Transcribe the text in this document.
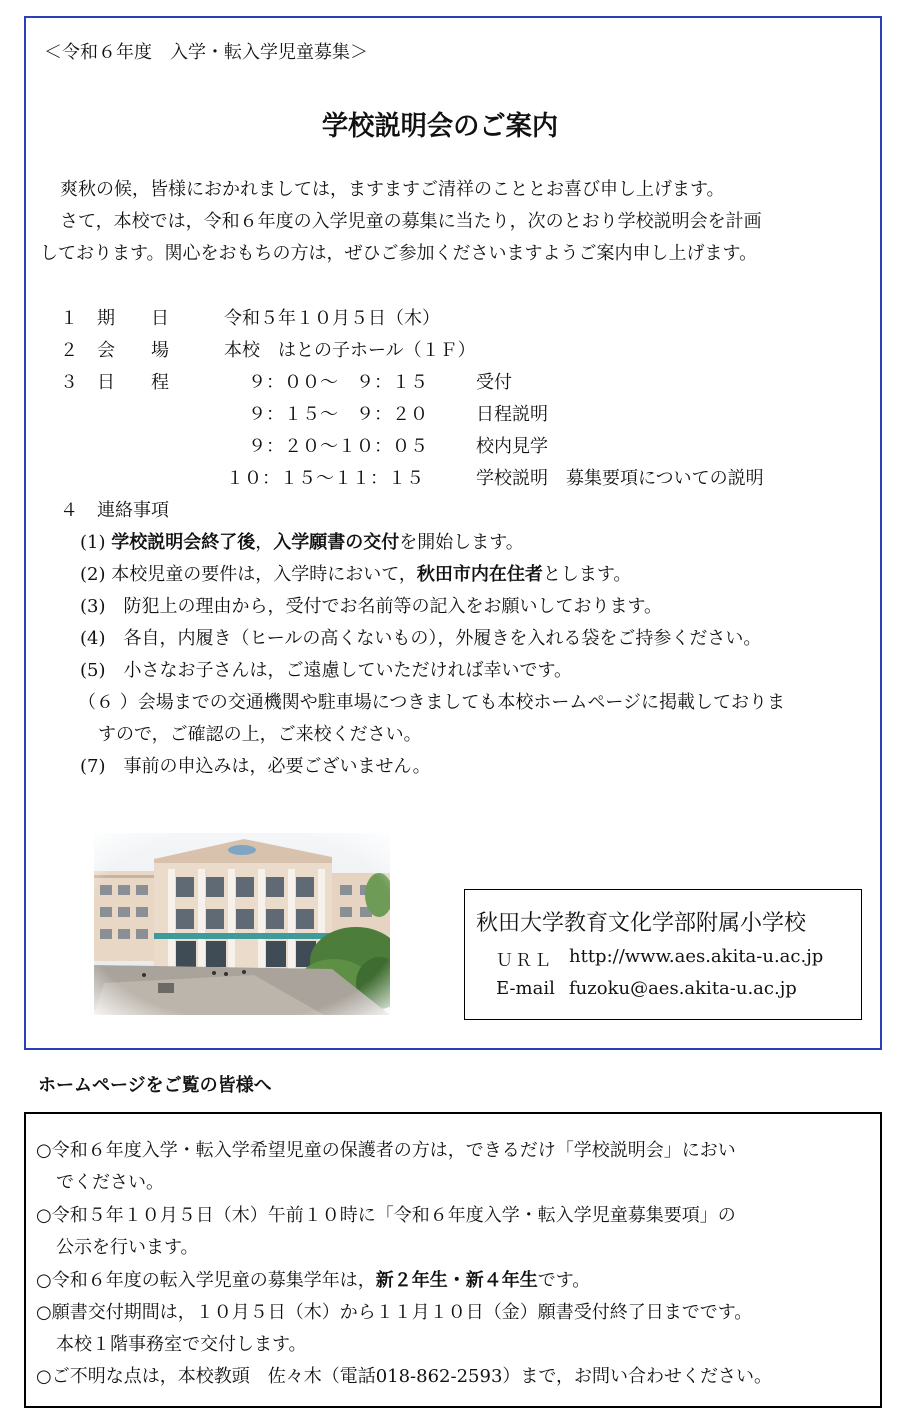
＜令和６年度　入学・転入学児童募集＞
学校説明会のご案内
爽秋の候，皆様におかれましては，ますますご清祥のこととお喜び申し上げます。
さて，本校では，令和６年度の入学児童の募集に当たり，次のとおり学校説明会を計画
しております。関心をおもちの方は，ぜひご参加くださいますようご案内申し上げます。
１ 期　　日	令和５年１０月５日（木）
２ 会　　場	本校　はとの子ホール（１Ｆ）
３ 日　　程	９：００～　９：１５	受付
９：１５～　９：２０	日程説明
９：２０～１０：０５	校内見学
１０：１５～１１：１５	学校説明　募集要項についての説明
４ 連絡事項
(1) 学校説明会終了後，入学願書の交付を開始します。
(2) 本校児童の要件は，入学時において，秋田市内在住者とします。
(3)　防犯上の理由から，受付でお名前等の記入をお願いしております。
(4)　各自，内履き（ヒールの高くないもの），外履きを入れる袋をご持参ください。
(5)　小さなお子さんは，ご遠慮していただければ幸いです。
（６ ）会場までの交通機関や駐車場につきましても本校ホームページに掲載しておりま
すので，ご確認の上，ご来校ください。
(7)　事前の申込みは，必要ございません。
秋田大学教育文化学部附属小学校
ＵＲＬ http://www.aes.akita-u.ac.jp
E-mail fuzoku@aes.akita-u.ac.jp
ホームページをご覧の皆様へ
○令和６年度入学・転入学希望児童の保護者の方は，できるだけ「学校説明会」におい
でください。
○令和５年１０月５日（木）午前１０時に「令和６年度入学・転入学児童募集要項」の
公示を行います。
○令和６年度の転入学児童の募集学年は，新２年生・新４年生です。
○願書交付期間は，１０月５日（木）から１１月１０日（金）願書受付終了日までです。
本校１階事務室で交付します。
○ご不明な点は，本校教頭　佐々木（電話018-862-2593）まで，お問い合わせください。
